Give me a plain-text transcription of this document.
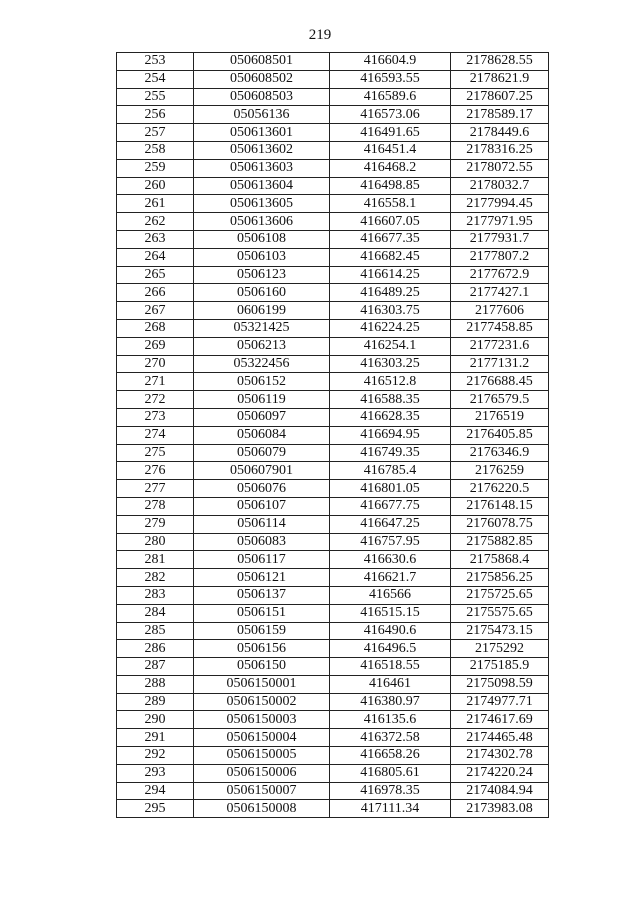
219
253	050608501	416604.9	2178628.55
254	050608502	416593.55	2178621.9
255	050608503	416589.6	2178607.25
256	05056136	416573.06	2178589.17
257	050613601	416491.65	2178449.6
258	050613602	416451.4	2178316.25
259	050613603	416468.2	2178072.55
260	050613604	416498.85	2178032.7
261	050613605	416558.1	2177994.45
262	050613606	416607.05	2177971.95
263	0506108	416677.35	2177931.7
264	0506103	416682.45	2177807.2
265	0506123	416614.25	2177672.9
266	0506160	416489.25	2177427.1
267	0606199	416303.75	2177606
268	05321425	416224.25	2177458.85
269	0506213	416254.1	2177231.6
270	05322456	416303.25	2177131.2
271	0506152	416512.8	2176688.45
272	0506119	416588.35	2176579.5
273	0506097	416628.35	2176519
274	0506084	416694.95	2176405.85
275	0506079	416749.35	2176346.9
276	050607901	416785.4	2176259
277	0506076	416801.05	2176220.5
278	0506107	416677.75	2176148.15
279	0506114	416647.25	2176078.75
280	0506083	416757.95	2175882.85
281	0506117	416630.6	2175868.4
282	0506121	416621.7	2175856.25
283	0506137	416566	2175725.65
284	0506151	416515.15	2175575.65
285	0506159	416490.6	2175473.15
286	0506156	416496.5	2175292
287	0506150	416518.55	2175185.9
288	0506150001	416461	2175098.59
289	0506150002	416380.97	2174977.71
290	0506150003	416135.6	2174617.69
291	0506150004	416372.58	2174465.48
292	0506150005	416658.26	2174302.78
293	0506150006	416805.61	2174220.24
294	0506150007	416978.35	2174084.94
295	0506150008	417111.34	2173983.08
